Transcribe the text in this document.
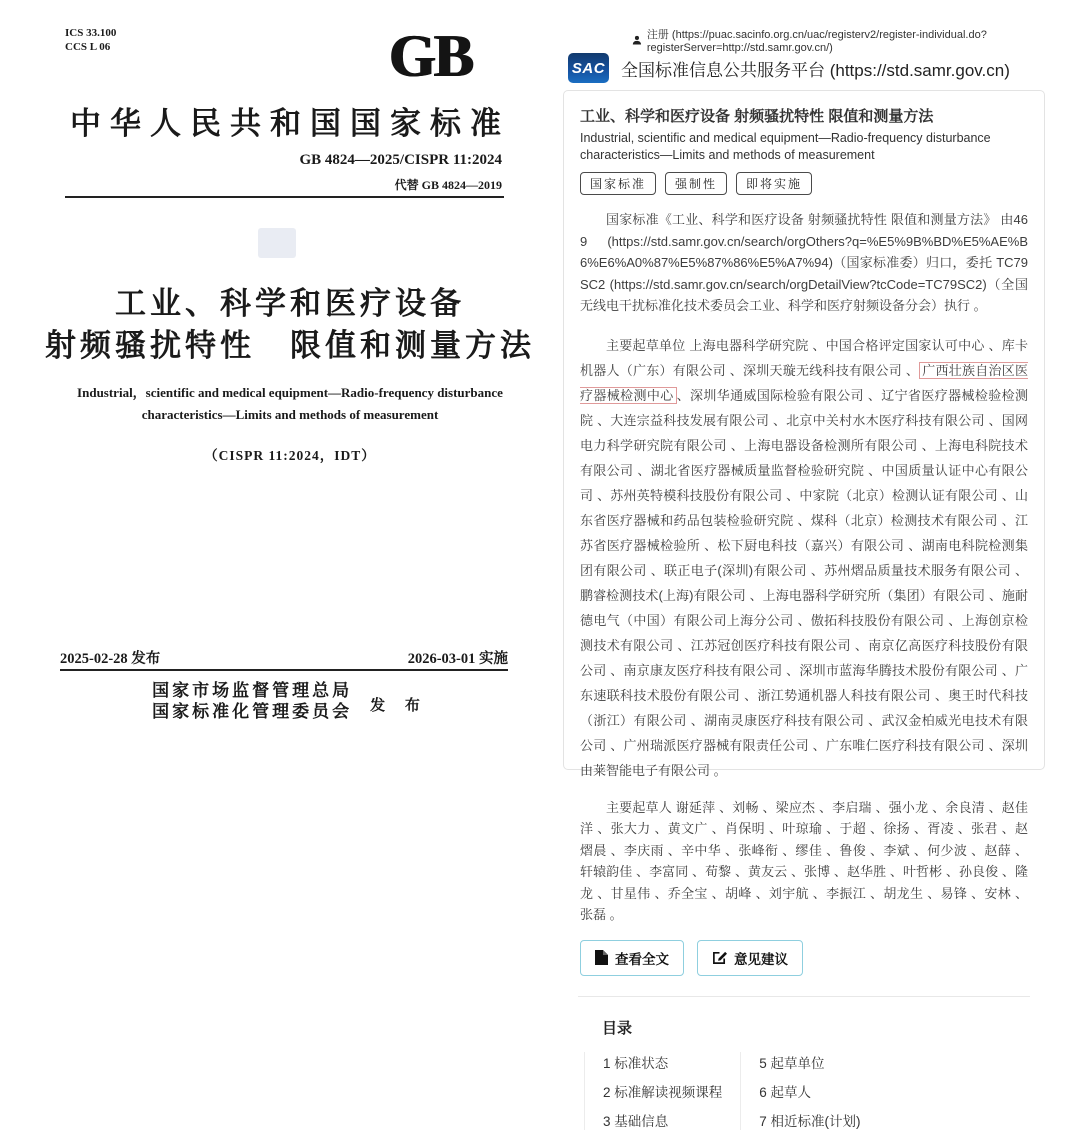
ICS 33.100
CCS L 06	GB
中华人民共和国国家标准
GB 4824—2025/CISPR 11:2024
代替 GB 4824—2019
工业、科学和医疗设备
射频骚扰特性　限值和测量方法
Industrial，scientific and medical equipment—Radio-frequency disturbance
characteristics—Limits and methods of measurement
（CISPR 11:2024，IDT）
2025-02-28 发布	2026-03-01 实施
国家市场监督管理总局
国家标准化管理委员会 发 布
注册 (https://puac.sacinfo.org.cn/uac/registerv2/register-individual.do?registerServer=http://std.samr.gov.cn/)
SAC 全国标准信息公共服务平台 (https://std.samr.gov.cn)
工业、科学和医疗设备 射频骚扰特性 限值和测量方法
Industrial, scientific and medical equipment—Radio-frequency disturbance characteristics—Limits and methods of measurement
国家标准	强制性	即将实施
国家标准《工业、科学和医疗设备 射频骚扰特性 限值和测量方法》 由469 (https://std.samr.gov.cn/search/orgOthers?q=%E5%9B%BD%E5%AE%B6%E6%A0%87%E5%87%86%E5%A7%94)（国家标准委）归口，委托 TC79SC2 (https://std.samr.gov.cn/search/orgDetailView?tcCode=TC79SC2)（全国无线电干扰标准化技术委员会工业、科学和医疗射频设备分会）执行 。
主要起草单位 上海电器科学研究院 、中国合格评定国家认可中心 、库卡机器人（广东）有限公司 、深圳天璇无线科技有限公司 、 广西壮族自治区医疗器械检测中心 、深圳华通威国际检验有限公司 、辽宁省医疗器械检验检测院 、大连宗益科技发展有限公司 、北京中关村水木医疗科技有限公司 、国网电力科学研究院有限公司 、上海电器设备检测所有限公司 、上海电科院技术有限公司 、湖北省医疗器械质量监督检验研究院 、中国质量认证中心有限公司 、苏州英特模科技股份有限公司 、中家院（北京）检测认证有限公司 、山东省医疗器械和药品包装检验研究院 、煤科（北京）检测技术有限公司 、江苏省医疗器械检验所 、松下厨电科技（嘉兴）有限公司 、湖南电科院检测集团有限公司 、联正电子(深圳)有限公司 、苏州熠品质量技术服务有限公司 、鹏睿检测技术(上海)有限公司 、上海电器科学研究所（集团）有限公司 、施耐德电气（中国）有限公司上海分公司 、傲拓科技股份有限公司 、上海创京检测技术有限公司 、江苏冠创医疗科技有限公司 、南京亿高医疗科技股份有限公司 、南京康友医疗科技有限公司 、深圳市蓝海华腾技术股份有限公司 、广东速联科技术股份有限公司 、浙江势通机器人科技有限公司 、奥王时代科技（浙江）有限公司 、湖南灵康医疗科技有限公司 、武汉金柏威光电技术有限公司 、广州瑞派医疗器械有限责任公司 、广东唯仁医疗科技有限公司 、深圳由莱智能电子有限公司 。
主要起草人 谢延萍 、刘畅 、梁应杰 、李启瑞 、强小龙 、余良清 、赵佳洋 、张大力 、黄文广 、肖保明 、叶琼瑜 、于超 、徐扬 、胥凌 、张君 、赵熠晨 、李庆雨 、辛中华 、张峰衔 、缪佳 、鲁俊 、李斌 、何少波 、赵薛 、轩辕韵佳 、李富同 、荀黎 、黄友云 、张博 、赵华胜 、叶哲彬 、孙良俊 、隆龙 、甘星伟 、乔全宝 、胡峰 、刘宇航 、李振江 、胡龙生 、易锋 、安林 、张磊 。
查看全文	意见建议
目录
1 标准状态
2 标准解读视频课程
3 基础信息
5 起草单位
6 起草人
7 相近标准(计划)
